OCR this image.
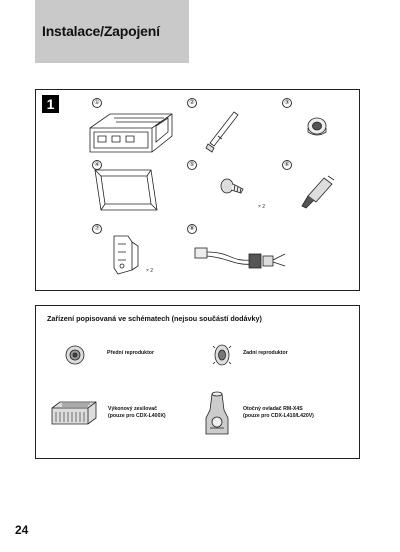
Instalace/Zapojení
1	①	②	③
④	⑤	⑥
× 2
⑦	⑧
× 2
Zařízení popisovaná ve schématech (nejsou součástí dodávky)
Přední reproduktor	Zadní reproduktor
Výkonový zesilovač
(pouze pro CDX-L400X)
Otočný ovladač RM-X4S
(pouze pro CDX-L410/L420V)
24
